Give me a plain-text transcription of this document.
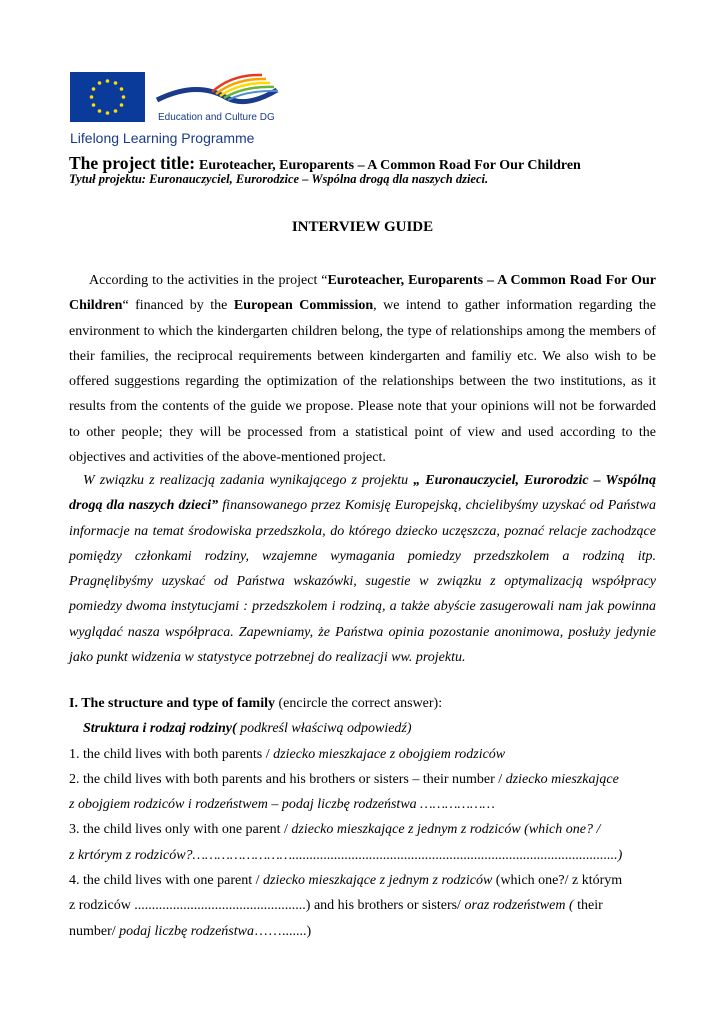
Education and Culture DG
Lifelong Learning Programme
The project title: Euroteacher, Europarents – A Common Road For Our Children
Tytuł projektu: Euronauczyciel, Eurorodzice – Wspólna drogą dla naszych dzieci.
INTERVIEW GUIDE
According to the activities in the project “Euroteacher, Europarents – A Common Road For Our Children“ financed by the European Commission, we intend to gather information regarding the environment to which the kindergarten children belong, the type of relationships among the members of their families, the reciprocal requirements between kindergarten and familiy etc. We also wish to be offered suggestions regarding the optimization of the relationships between the two institutions, as it results from the contents of the guide we propose. Please note that your opinions will not be forwarded to other people; they will be processed from a statistical point of view and used according to the objectives and activities of the above-mentioned project.
W związku z realizacją zadania wynikającego z projektu „ Euronauczyciel, Eurorodzic – Wspólną drogą dla naszych dzieci” finansowanego przez Komisję Europejską, chcielibyśmy uzyskać od Państwa informacje na temat środowiska przedszkola, do którego dziecko uczęszcza, poznać relacje zachodzące pomiędzy członkami rodziny, wzajemne wymagania pomiedzy przedszkolem a rodziną itp. Pragnęlibyśmy uzyskać od Państwa wskazówki, sugestie w związku z optymalizacją współpracy pomiedzy dwoma instytucjami : przedszkolem i rodziną, a także abyście zasugerowali nam jak powinna wyglądać nasza współpraca. Zapewniamy, że Państwa opinia pozostanie anonimowa, posłuży jedynie jako punkt widzenia w statystyce potrzebnej do realizacji ww. projektu.
I. The structure and type of family (encircle the correct answer):
Struktura i rodzaj rodziny( podkreśl właściwą odpowiedź)
1. the child lives with both parents / dziecko mieszkajace z obojgiem rodziców
2. the child lives with both parents and his brothers or sisters – their number / dziecko mieszkające
z obojgiem rodziców i rodzeństwem – podaj liczbę rodzeństwa ………………
3. the child lives only with one parent / dziecko mieszkające z jednym z rodziców (which one? /
z krtórym z rodziców?…………………….............................................................................................)
4. the child lives with one parent / dziecko mieszkające z jednym z rodziców (which one?/ z którym
z rodziców .................................................) and his brothers or sisters/ oraz rodzeństwem ( their
number/ podaj liczbę rodzeństwa…….......)
